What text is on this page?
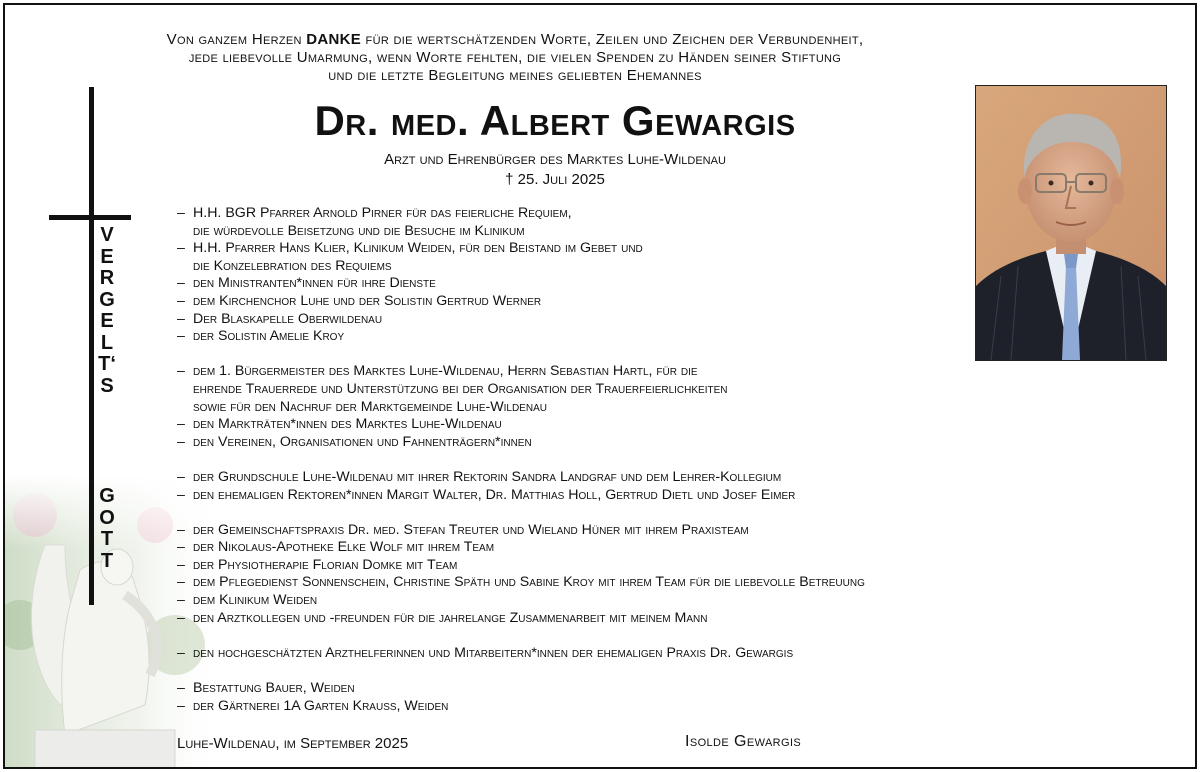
Von ganzem Herzen DANKE für die wertschätzenden Worte, Zeilen und Zeichen der Verbundenheit,
jede liebevolle Umarmung, wenn Worte fehlten, die vielen Spenden zu Händen seiner Stiftung
und die letzte Begleitung meines geliebten Ehemannes
Dr. med. Albert Gewargis
Arzt und Ehrenbürger des Marktes Luhe-Wildenau
† 25. Juli 2025
V
E
R
G
E
L
T‘
S
G
O
T
T
– H.H. BGR Pfarrer Arnold Pirner für das feierliche Requiem,
die würdevolle Beisetzung und die Besuche im Klinikum
– H.H. Pfarrer Hans Klier, Klinikum Weiden, für den Beistand im Gebet und
die Konzelebration des Requiems
– den Ministranten*innen für ihre Dienste
– dem Kirchenchor Luhe und der Solistin Gertrud Werner
– Der Blaskapelle Oberwildenau
– der Solistin Amelie Kroy
– dem 1. Bürgermeister des Marktes Luhe-Wildenau, Herrn Sebastian Hartl, für die
ehrende Trauerrede und Unterstützung bei der Organisation der Trauerfeierlichkeiten
sowie für den Nachruf der Marktgemeinde Luhe-Wildenau
– den Markträten*innen des Marktes Luhe-Wildenau
– den Vereinen, Organisationen und Fahnenträgern*innen
– der Grundschule Luhe-Wildenau mit ihrer Rektorin Sandra Landgraf und dem Lehrer-Kollegium
– den ehemaligen Rektoren*innen Margit Walter, Dr. Matthias Holl, Gertrud Dietl und Josef Eimer
– der Gemeinschaftspraxis Dr. med. Stefan Treuter und Wieland Hüner mit ihrem Praxisteam
– der Nikolaus-Apotheke Elke Wolf mit ihrem Team
– der Physiotherapie Florian Domke mit Team
– dem Pflegedienst Sonnenschein, Christine Späth und Sabine Kroy mit ihrem Team für die liebevolle Betreuung
– dem Klinikum Weiden
– den Arztkollegen und -freunden für die jahrelange Zusammenarbeit mit meinem Mann
– den hochgeschätzten Arzthelferinnen und Mitarbeitern*innen der ehemaligen Praxis Dr. Gewargis
– Bestattung Bauer, Weiden
– der Gärtnerei 1A Garten Krauss, Weiden
Luhe-Wildenau, im September 2025	Isolde Gewargis
